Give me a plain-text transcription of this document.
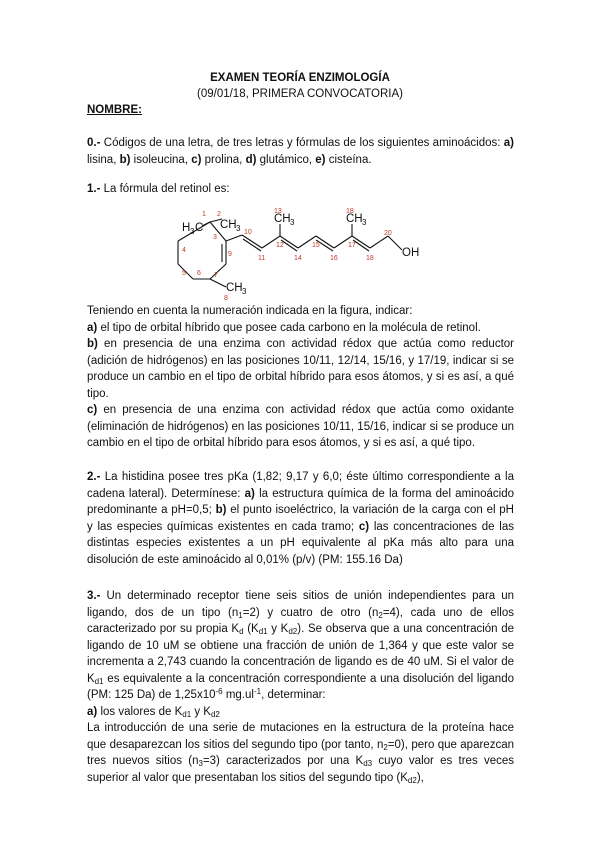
EXAMEN TEORÍA ENZIMOLOGÍA
(09/01/18, PRIMERA CONVOCATORIA)
NOMBRE:
0.- Códigos de una letra, de tres letras y fórmulas de los siguientes aminoácidos: a) lisina, b) isoleucina, c) prolina, d) glutámico, e) cisteína.
1.- La fórmula del retinol es:
H 3 C CH 3
CH 3	CH 3
CH 3
OH
1 2
3
4
5 6 7
8
9
10
11
12
13
14
15
16
17
18
20
18
Teniendo en cuenta la numeración indicada en la figura, indicar:
a) el tipo de orbital híbrido que posee cada carbono en la molécula de retinol.
b) en presencia de una enzima con actividad rédox que actúa como reductor (adición de hidrógenos) en las posiciones 10/11, 12/14, 15/16, y 17/19, indicar si se produce un cambio en el tipo de orbital híbrido para esos átomos, y si es así, a qué tipo.
c) en presencia de una enzima con actividad rédox que actúa como oxidante (eliminación de hidrógenos) en las posiciones 10/11, 15/16, indicar si se produce un cambio en el tipo de orbital híbrido para esos átomos, y si es así, a qué tipo.
2.- La histidina posee tres pKa (1,82; 9,17 y 6,0; éste último correspondiente a la cadena lateral). Determínese: a) la estructura química de la forma del aminoácido predominante a pH=0,5; b) el punto isoeléctrico, la variación de la carga con el pH y las especies químicas existentes en cada tramo; c) las concentraciones de las distintas especies existentes a un pH equivalente al pKa más alto para una disolución de este aminoácido al 0,01% (p/v) (PM: 155.16 Da)
3.- Un determinado receptor tiene seis sitios de unión independientes para un ligando, dos de un tipo $(n_1=2)$ y cuatro de otro $(n_2=4)$, cada uno de ellos caracterizado por su propia $K_d$ ($K_{d1}$ y $K_{d2}$). Se observa que a una concentración de ligando de 10 uM se obtiene una fracción de unión de 1,364 y que este valor se incrementa a 2,743 cuando la concentración de ligando es de 40 uM. Si el valor de $K_{d1}$ es equivalente a la concentración correspondiente a una disolución del ligando (PM: 125 Da) de $1,25x10^{-6}$ $mg.ul^{-1}$, determinar:
a) los valores de $K_{d1}$ y $K_{d2}$
La introducción de una serie de mutaciones en la estructura de la proteína hace que desaparezcan los sitios del segundo tipo (por tanto, $n_2=0$), pero que aparezcan tres nuevos sitios $(n_3=3)$ caracterizados por una $K_{d3}$ cuyo valor es tres veces superior al valor que presentaban los sitios del segundo tipo $(K_{d2})$,
